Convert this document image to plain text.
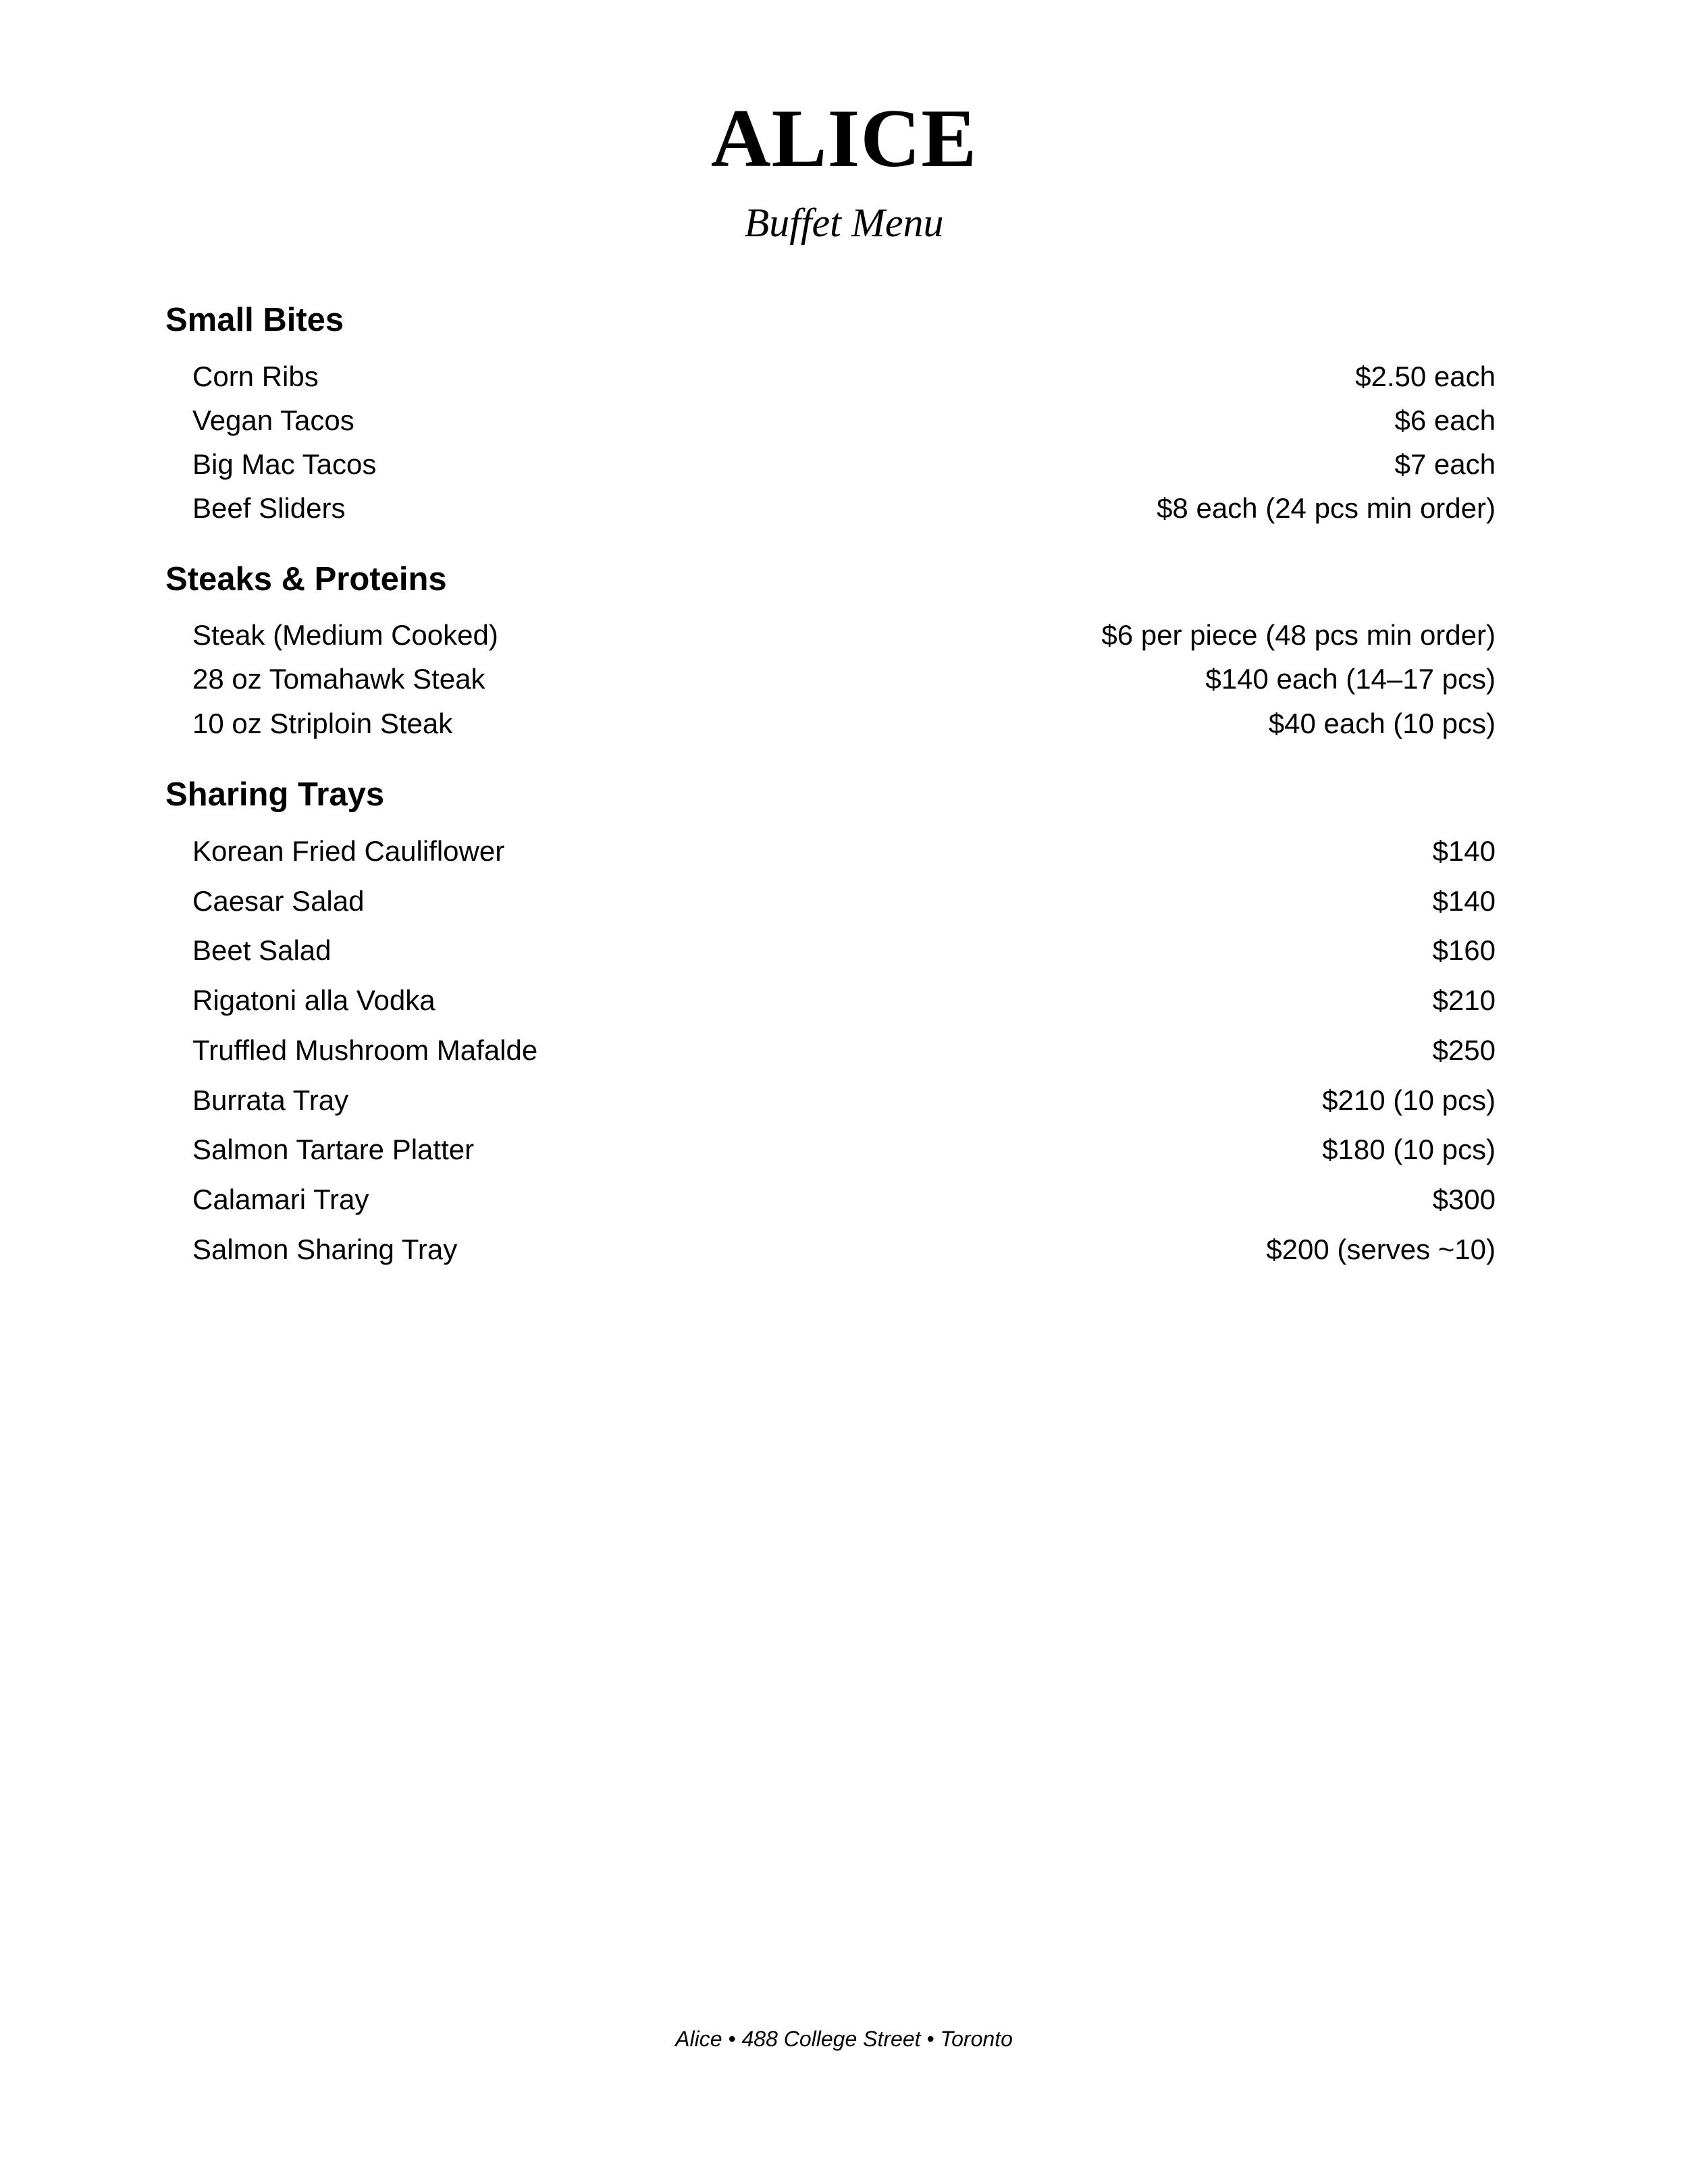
ALICE
Buffet Menu
Small Bites
Corn Ribs	$2.50 each
Vegan Tacos	$6 each
Big Mac Tacos	$7 each
Beef Sliders	$8 each (24 pcs min order)
Steaks & Proteins
Steak (Medium Cooked)	$6 per piece (48 pcs min order)
28 oz Tomahawk Steak	$140 each (14–17 pcs)
10 oz Striploin Steak	$40 each (10 pcs)
Sharing Trays
Korean Fried Cauliflower	$140
Caesar Salad	$140
Beet Salad	$160
Rigatoni alla Vodka	$210
Truffled Mushroom Mafalde	$250
Burrata Tray	$210 (10 pcs)
Salmon Tartare Platter	$180 (10 pcs)
Calamari Tray	$300
Salmon Sharing Tray	$200 (serves ~10)
Alice • 488 College Street • Toronto
